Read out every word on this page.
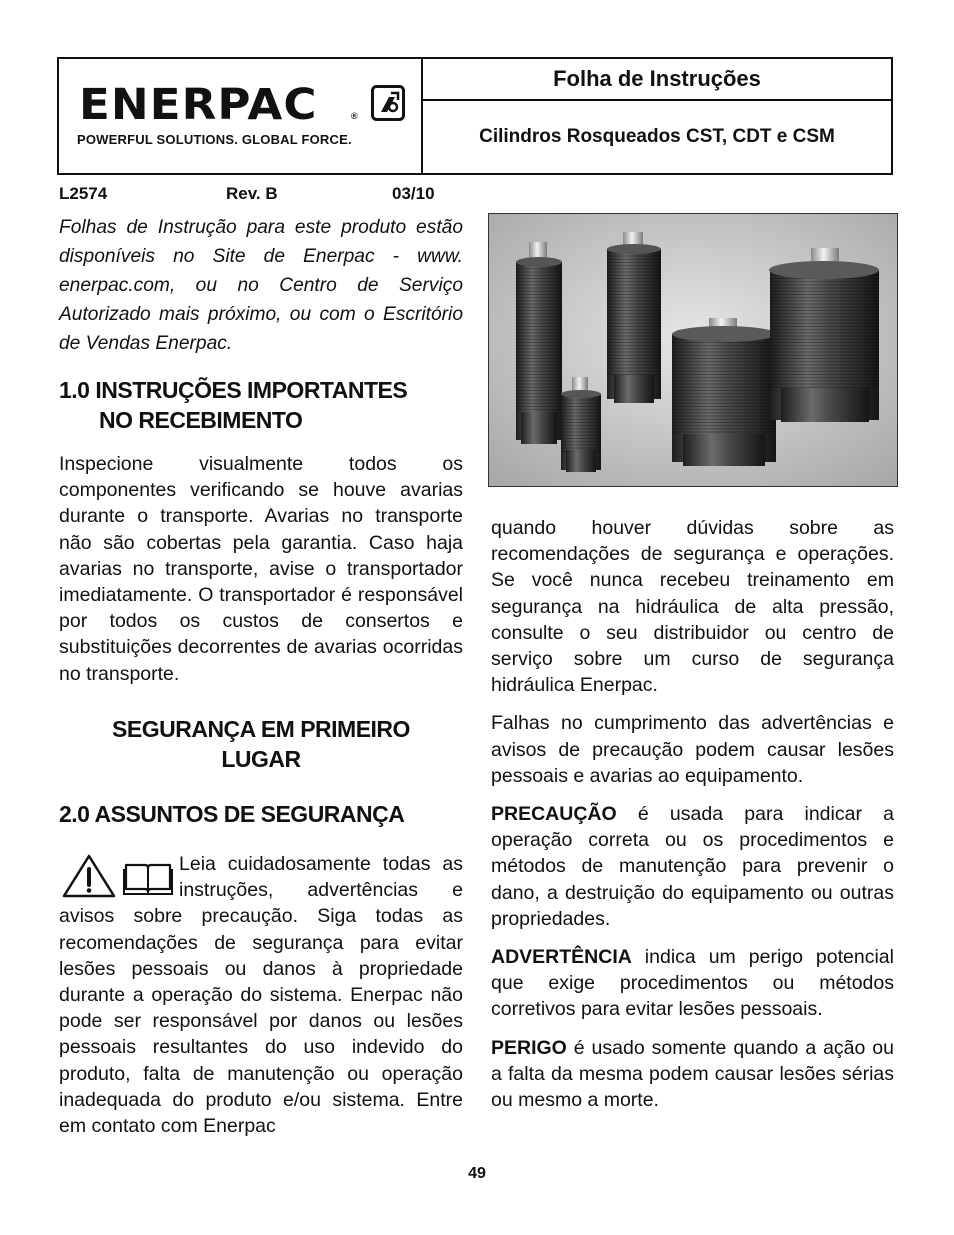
ENERPAC	®
POWERFUL SOLUTIONS. GLOBAL FORCE.
Folha de Instruções
Cilindros Rosqueados CST, CDT e CSM
L2574	Rev. B	03/10

Folhas de Instrução para este produto estão disponíveis no Site de Enerpac - www. enerpac.com, ou no Centro de Serviço Autorizado mais próximo, ou com o Escritório de Vendas Enerpac.

1.0 INSTRUÇÕES IMPORTANTES
NO RECEBIMENTO

Inspecione visualmente todos os componentes verificando se houve avarias durante o transporte. Avarias no transporte não são cobertas pela garantia. Caso haja avarias no transporte, avise o transportador imediatamente. O transportador é responsável por todos os custos de consertos e substituições decorrentes de avarias ocorridas no transporte.

SEGURANÇA EM PRIMEIRO
LUGAR

2.0 ASSUNTOS DE SEGURANÇA

Leia cuidadosamente todas as instruções, advertências e avisos sobre precaução. Siga todas as recomendações de segurança para evitar lesões pessoais ou danos à propriedade durante a operação do sistema. Enerpac não pode ser responsável por danos ou lesões pessoais resultantes do uso indevido do produto, falta de manutenção ou operação inadequada do produto e/ou sistema. Entre em contato com Enerpac

quando houver dúvidas sobre as recomendações de segurança e operações. Se você nunca recebeu treinamento em segurança na hidráulica de alta pressão, consulte o seu distribuidor ou centro de serviço sobre um curso de segurança hidráulica Enerpac.

Falhas no cumprimento das advertências e avisos de precaução podem causar lesões pessoais e avarias ao equipamento.

PRECAUÇÃO é usada para indicar a operação correta ou os procedimentos e métodos de manutenção para prevenir o dano, a destruição do equipamento ou outras propriedades.

ADVERTÊNCIA indica um perigo potencial que exige procedimentos ou métodos corretivos para evitar lesões pessoais.

PERIGO é usado somente quando a ação ou a falta da mesma podem causar lesões sérias ou mesmo a morte.

49
